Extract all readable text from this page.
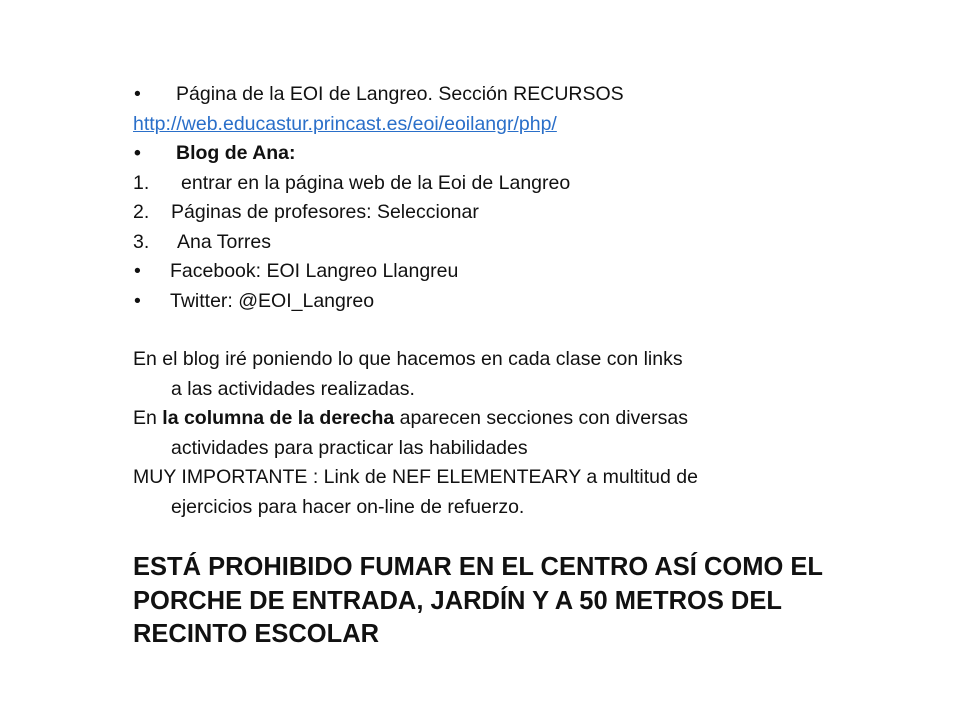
• Página de la EOI de Langreo. Sección RECURSOS
http://web.educastur.princast.es/eoi/eoilangr/php/
• Blog de Ana:
1. entrar en la página web de la Eoi de Langreo
2. Páginas de profesores: Seleccionar
3. Ana Torres
• Facebook: EOI Langreo Llangreu
• Twitter: @EOI_Langreo
En el blog iré poniendo lo que hacemos en cada clase con links
a las actividades realizadas.
En la columna de la derecha aparecen secciones con diversas
actividades para practicar las habilidades
MUY IMPORTANTE : Link de NEF ELEMENTEARY a multitud de
ejercicios para hacer on-line de refuerzo.
ESTÁ PROHIBIDO FUMAR EN EL CENTRO ASÍ COMO EL
PORCHE DE ENTRADA, JARDÍN Y A 50 METROS DEL
RECINTO ESCOLAR
